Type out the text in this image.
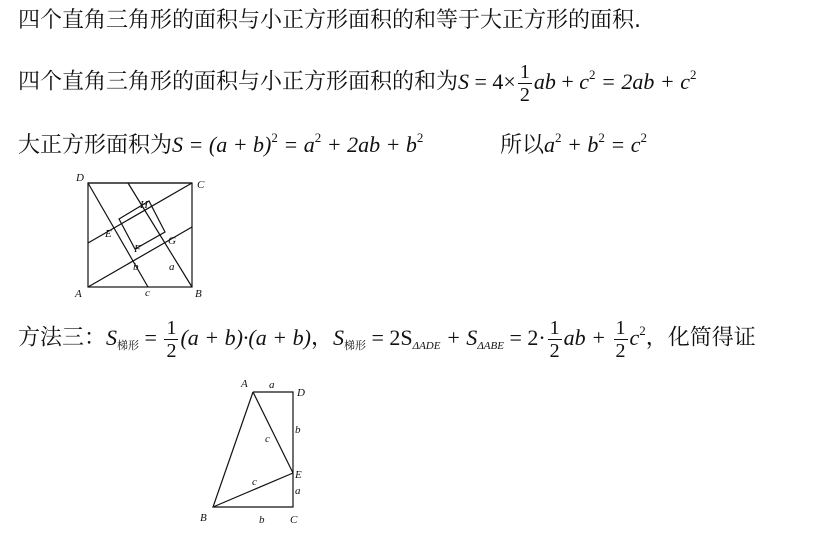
四个直角三角形的面积与小正方形面积的和等于大正方形的面积.
四个直角三角形的面积与小正方形面积的和为$S = 4\times \frac{1}{2}$ ab + $c^2 = 2ab + c^2$
大正方形面积为$S = (a + b)^2 = a^2 + 2ab + b^2$	所以$a^2 + b^2 = c^2$
D
C
A	B
H
E
F
G
b	a
c
方法三：$S_{梯形} = \frac{1}{2} (a + b)\cdot(a + b)$，$S_{梯形} = 2S_{\Delta ADE} + S_{\Delta ABE} = 2\cdot \frac{1}{2}$ ab + $\frac{1}{2} c^2$，化简得证
A a
D
b
c
E
c
a
B	b C
